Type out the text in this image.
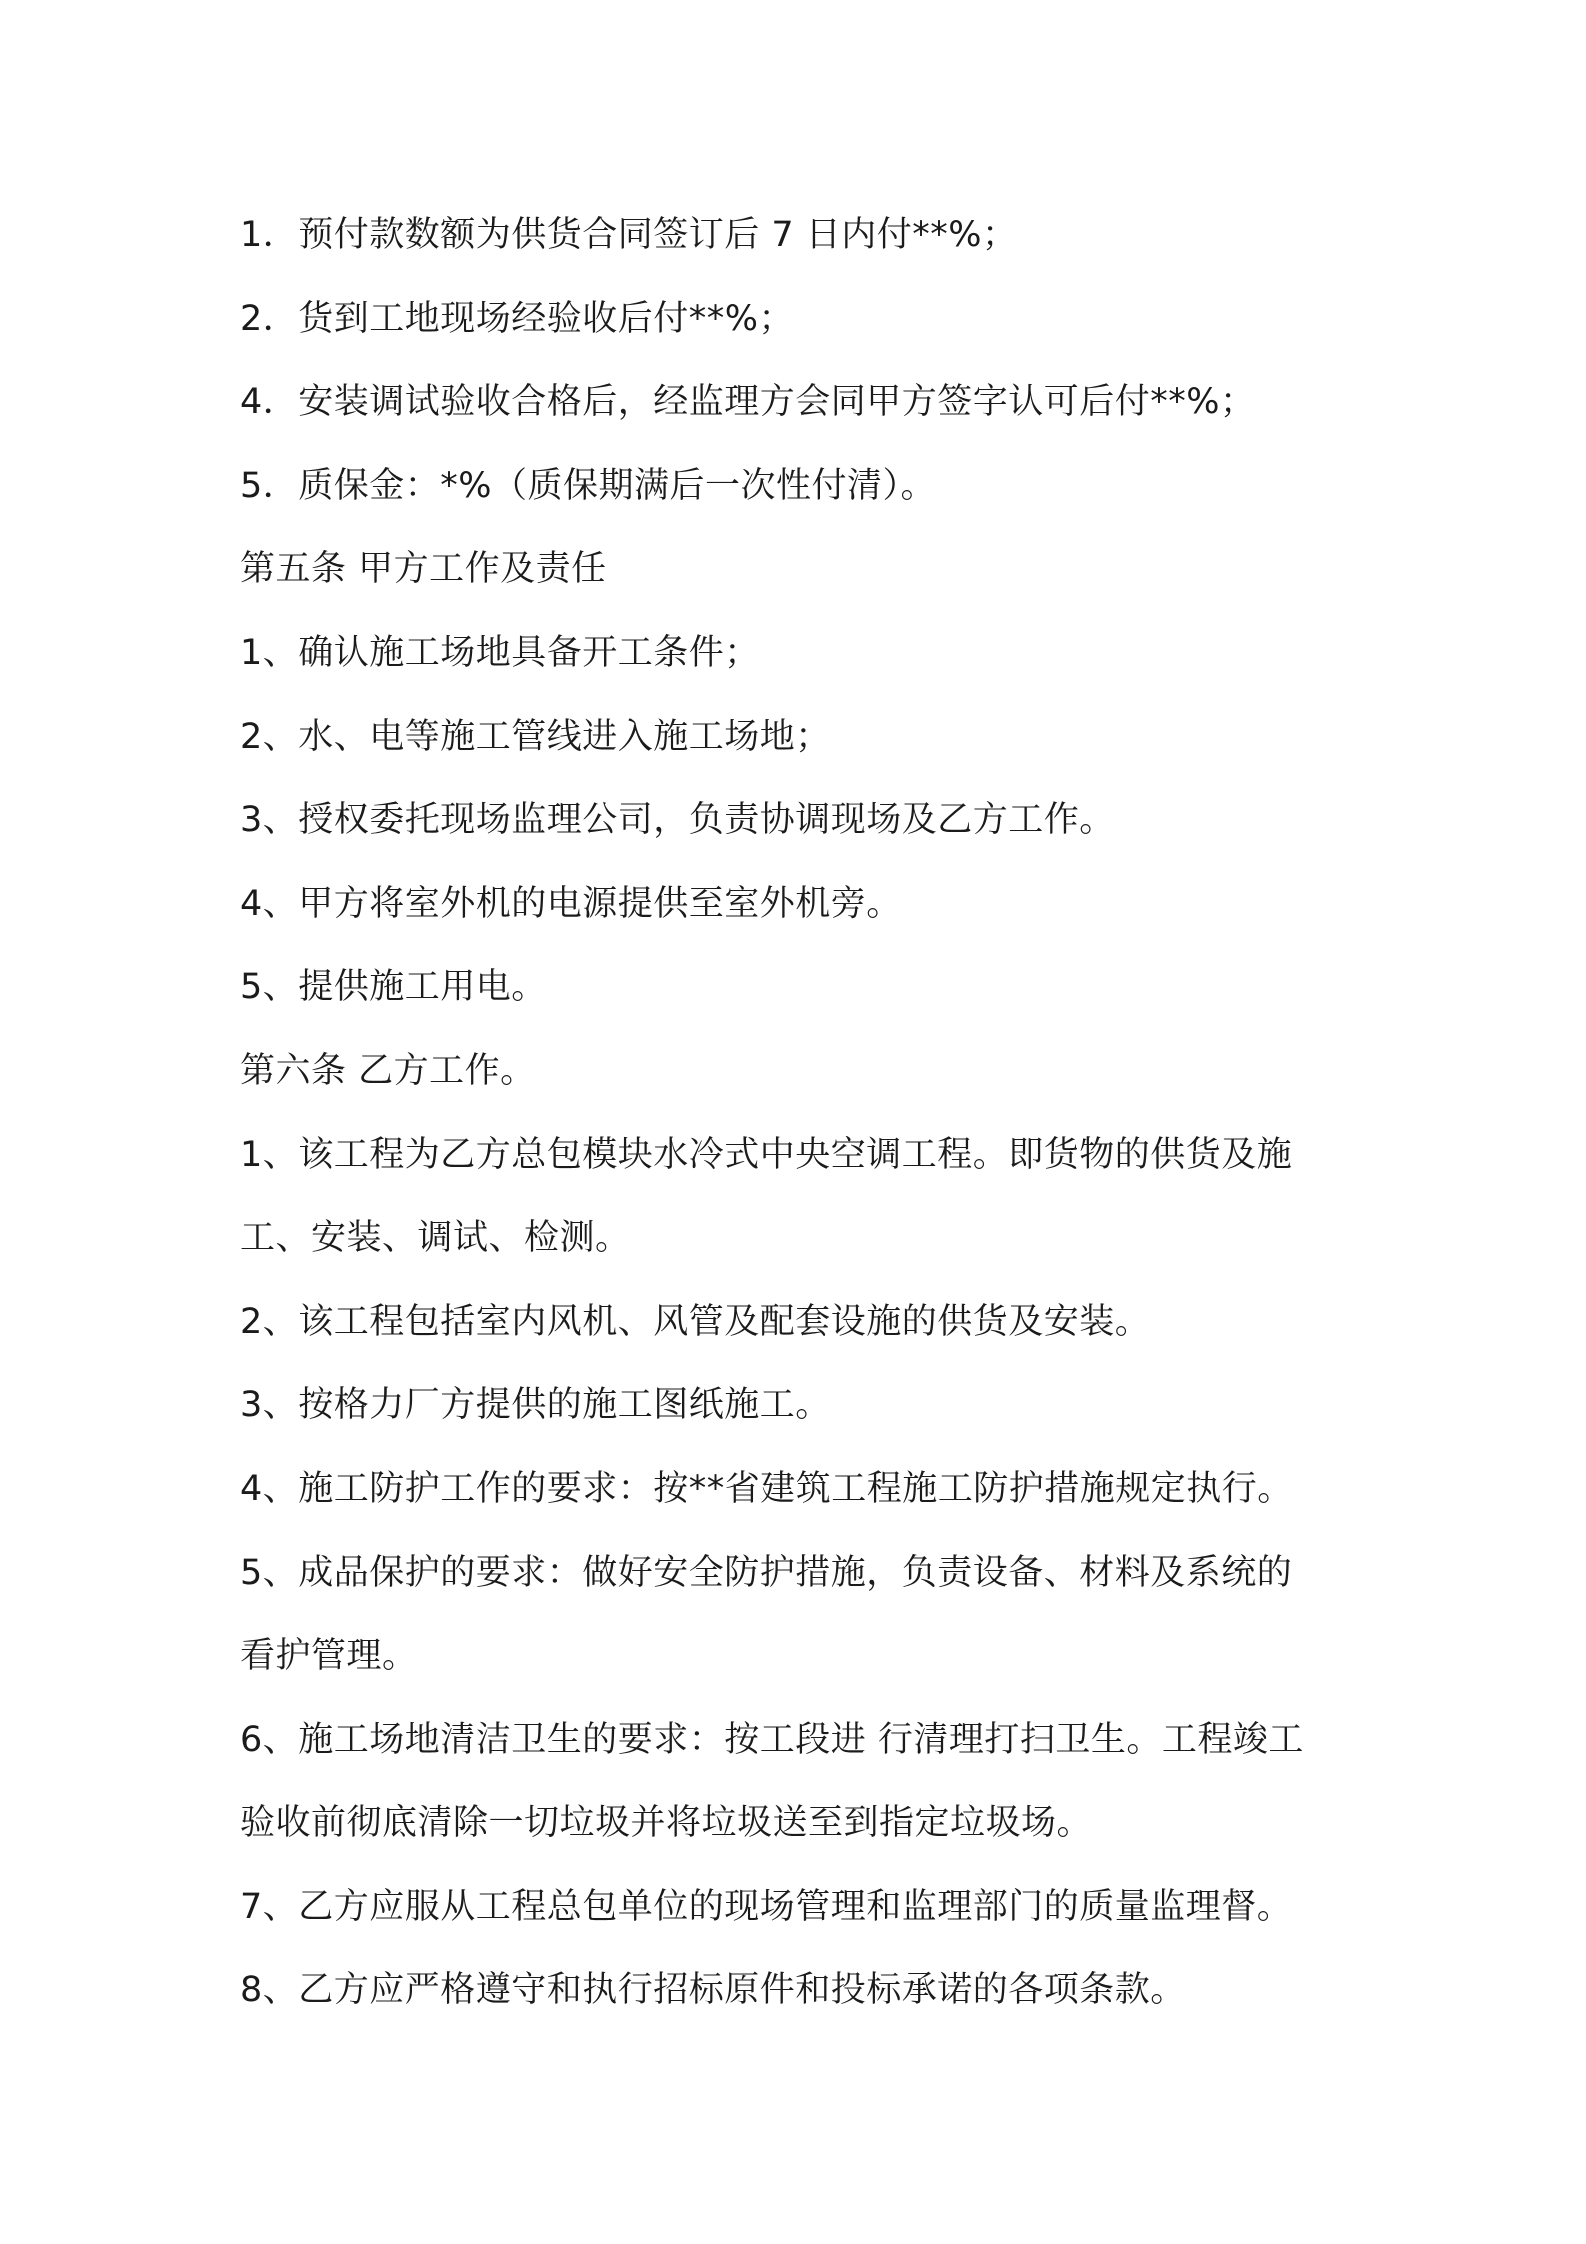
1．预付款数额为供货合同签订后 7 日内付**%；
2．货到工地现场经验收后付**%；
4．安装调试验收合格后，经监理方会同甲方签字认可后付**%；
5．质保金：*%（质保期满后一次性付清）。
第五条 甲方工作及责任
1、确认施工场地具备开工条件；
2、水、电等施工管线进入施工场地；
3、授权委托现场监理公司，负责协调现场及乙方工作。
4、甲方将室外机的电源提供至室外机旁。
5、提供施工用电。
第六条 乙方工作。
1、该工程为乙方总包模块水冷式中央空调工程。即货物的供货及施
工、安装、调试、检测。
2、该工程包括室内风机、风管及配套设施的供货及安装。
3、按格力厂方提供的施工图纸施工。
4、施工防护工作的要求：按**省建筑工程施工防护措施规定执行。
5、成品保护的要求：做好安全防护措施，负责设备、材料及系统的
看护管理。
6、施工场地清洁卫生的要求：按工段进 行清理打扫卫生。工程竣工
验收前彻底清除一切垃圾并将垃圾送至到指定垃圾场。
7、乙方应服从工程总包单位的现场管理和监理部门的质量监理督。
8、乙方应严格遵守和执行招标原件和投标承诺的各项条款。
